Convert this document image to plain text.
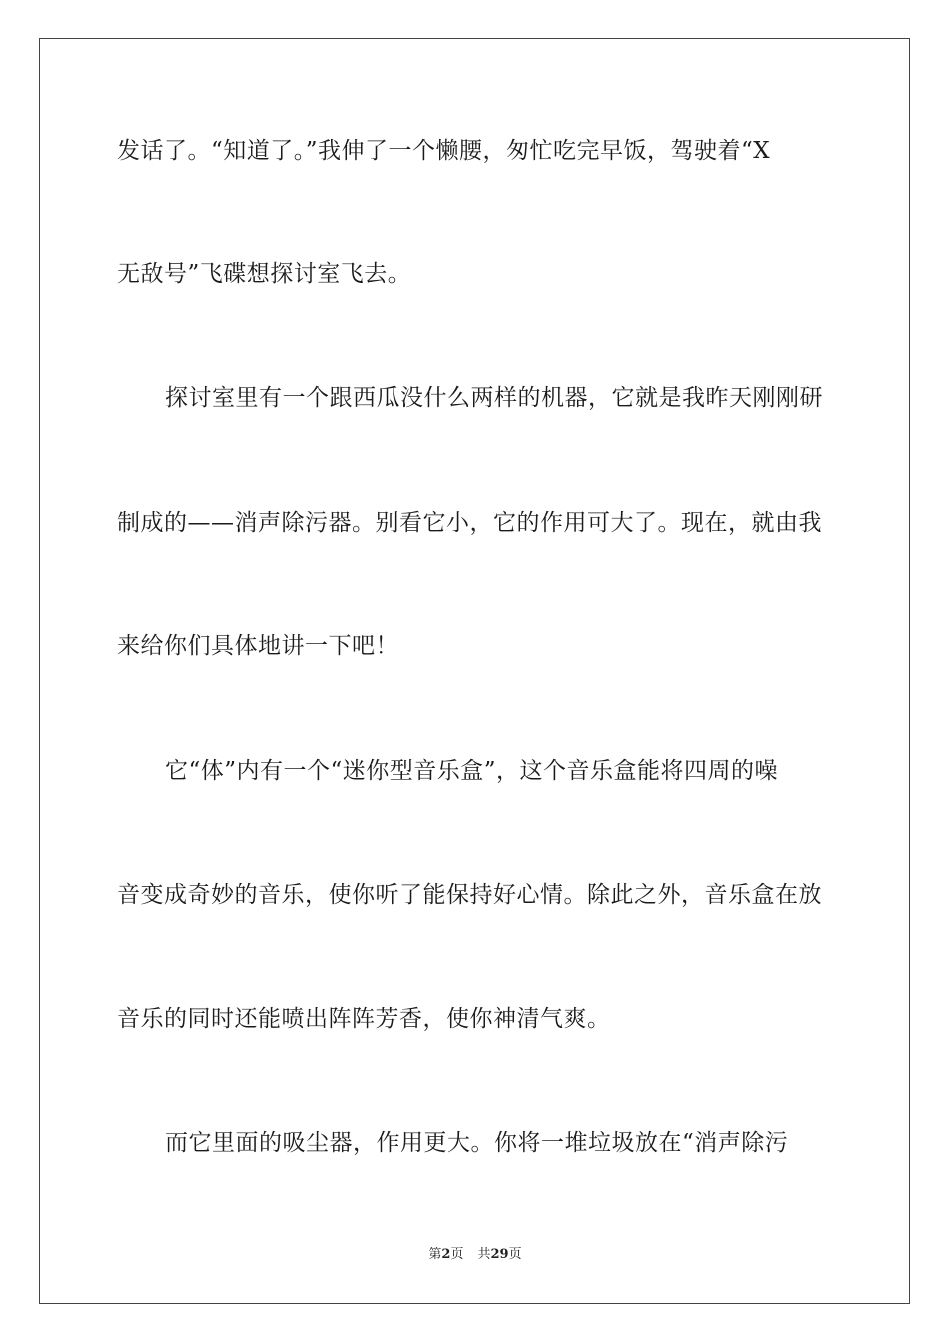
发话了。“知道了。”我伸了一个懒腰，匆忙吃完早饭，驾驶着“X
无敌号”飞碟想探讨室飞去。
探讨室里有一个跟西瓜没什么两样的机器，它就是我昨天刚刚研
制成的——消声除污器。别看它小，它的作用可大了。现在，就由我
来给你们具体地讲一下吧！
它“体”内有一个“迷你型音乐盒”，这个音乐盒能将四周的噪
音变成奇妙的音乐，使你听了能保持好心情。除此之外，音乐盒在放
音乐的同时还能喷出阵阵芳香，使你神清气爽。
而它里面的吸尘器，作用更大。你将一堆垃圾放在“消声除污
第2页 共29页
